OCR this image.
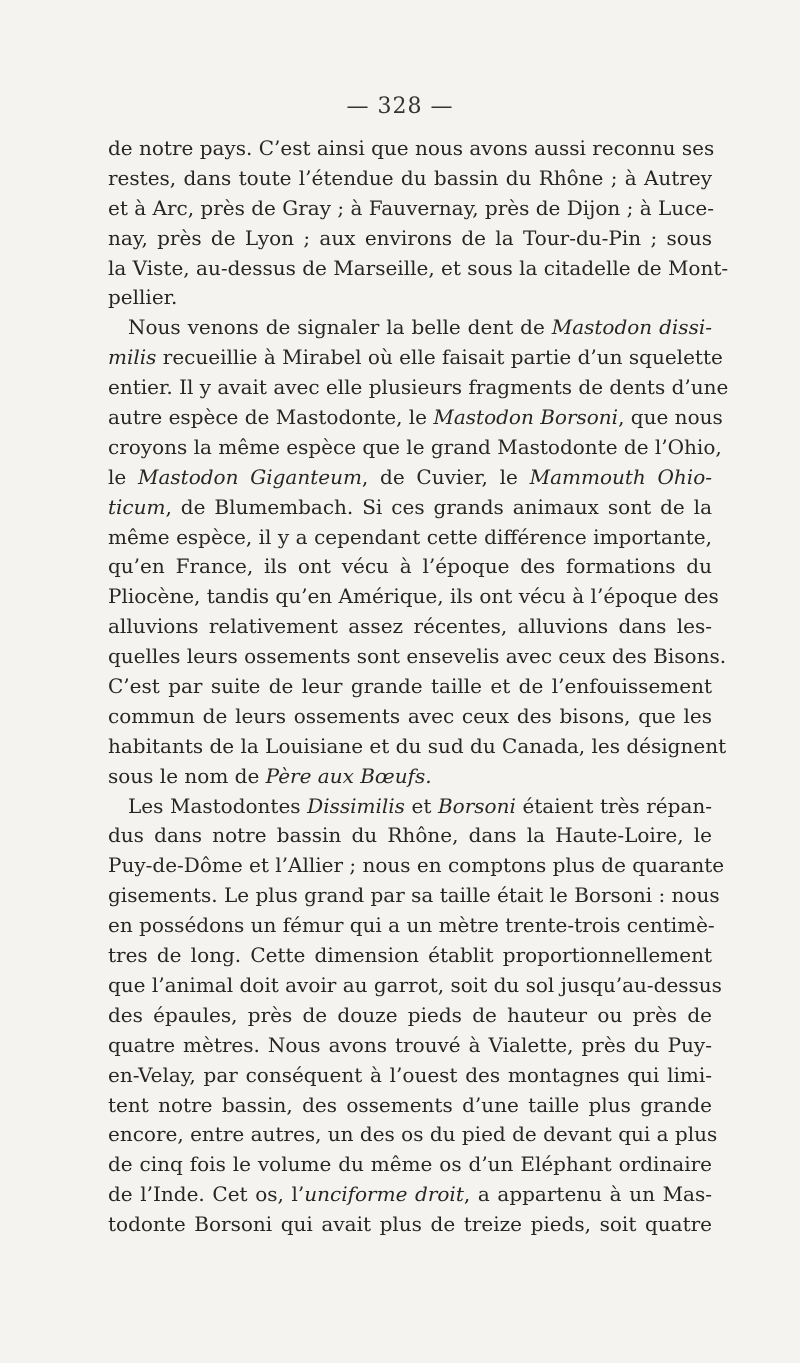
— 328 —
de notre pays. C’est ainsi que nous avons aussi reconnu ses
restes, dans toute l’étendue du bassin du Rhône ; à Autrey
et à Arc, près de Gray ; à Fauvernay, près de Dijon ; à Luce-
nay, près de Lyon ; aux environs de la Tour-du-Pin ; sous
la Viste, au-dessus de Marseille, et sous la citadelle de Mont-
pellier.
Nous venons de signaler la belle dent de Mastodon dissi-
milis recueillie à Mirabel où elle faisait partie d’un squelette
entier. Il y avait avec elle plusieurs fragments de dents d’une
autre espèce de Mastodonte, le Mastodon Borsoni, que nous
croyons la même espèce que le grand Mastodonte de l’Ohio,
le Mastodon Giganteum, de Cuvier, le Mammouth Ohio-
ticum, de Blumembach. Si ces grands animaux sont de la
même espèce, il y a cependant cette différence importante,
qu’en France, ils ont vécu à l’époque des formations du
Pliocène, tandis qu’en Amérique, ils ont vécu à l’époque des
alluvions relativement assez récentes, alluvions dans les-
quelles leurs ossements sont ensevelis avec ceux des Bisons.
C’est par suite de leur grande taille et de l’enfouissement
commun de leurs ossements avec ceux des bisons, que les
habitants de la Louisiane et du sud du Canada, les désignent
sous le nom de Père aux Bœufs.
Les Mastodontes Dissimilis et Borsoni étaient très répan-
dus dans notre bassin du Rhône, dans la Haute-Loire, le
Puy-de-Dôme et l’Allier ; nous en comptons plus de quarante
gisements. Le plus grand par sa taille était le Borsoni : nous
en possédons un fémur qui a un mètre trente-trois centimè-
tres de long. Cette dimension établit proportionnellement
que l’animal doit avoir au garrot, soit du sol jusqu’au-dessus
des épaules, près de douze pieds de hauteur ou près de
quatre mètres. Nous avons trouvé à Vialette, près du Puy-
en-Velay, par conséquent à l’ouest des montagnes qui limi-
tent notre bassin, des ossements d’une taille plus grande
encore, entre autres, un des os du pied de devant qui a plus
de cinq fois le volume du même os d’un Eléphant ordinaire
de l’Inde. Cet os, l’unciforme droit, a appartenu à un Mas-
todonte Borsoni qui avait plus de treize pieds, soit quatre
